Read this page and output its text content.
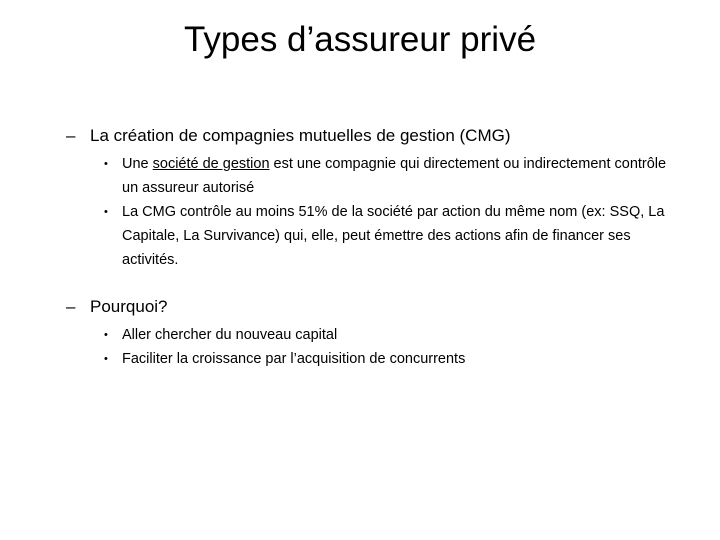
Types d’assureur privé
– La création de compagnies mutuelles de gestion (CMG)
• Une société de gestion est une compagnie qui directement ou indirectement contrôle un assureur autorisé
• La CMG contrôle au moins 51% de la société par action du même nom (ex: SSQ, La Capitale, La Survivance) qui, elle, peut émettre des actions afin de financer ses activités.
– Pourquoi?
• Aller chercher du nouveau capital
• Faciliter la croissance par l’acquisition de concurrents
